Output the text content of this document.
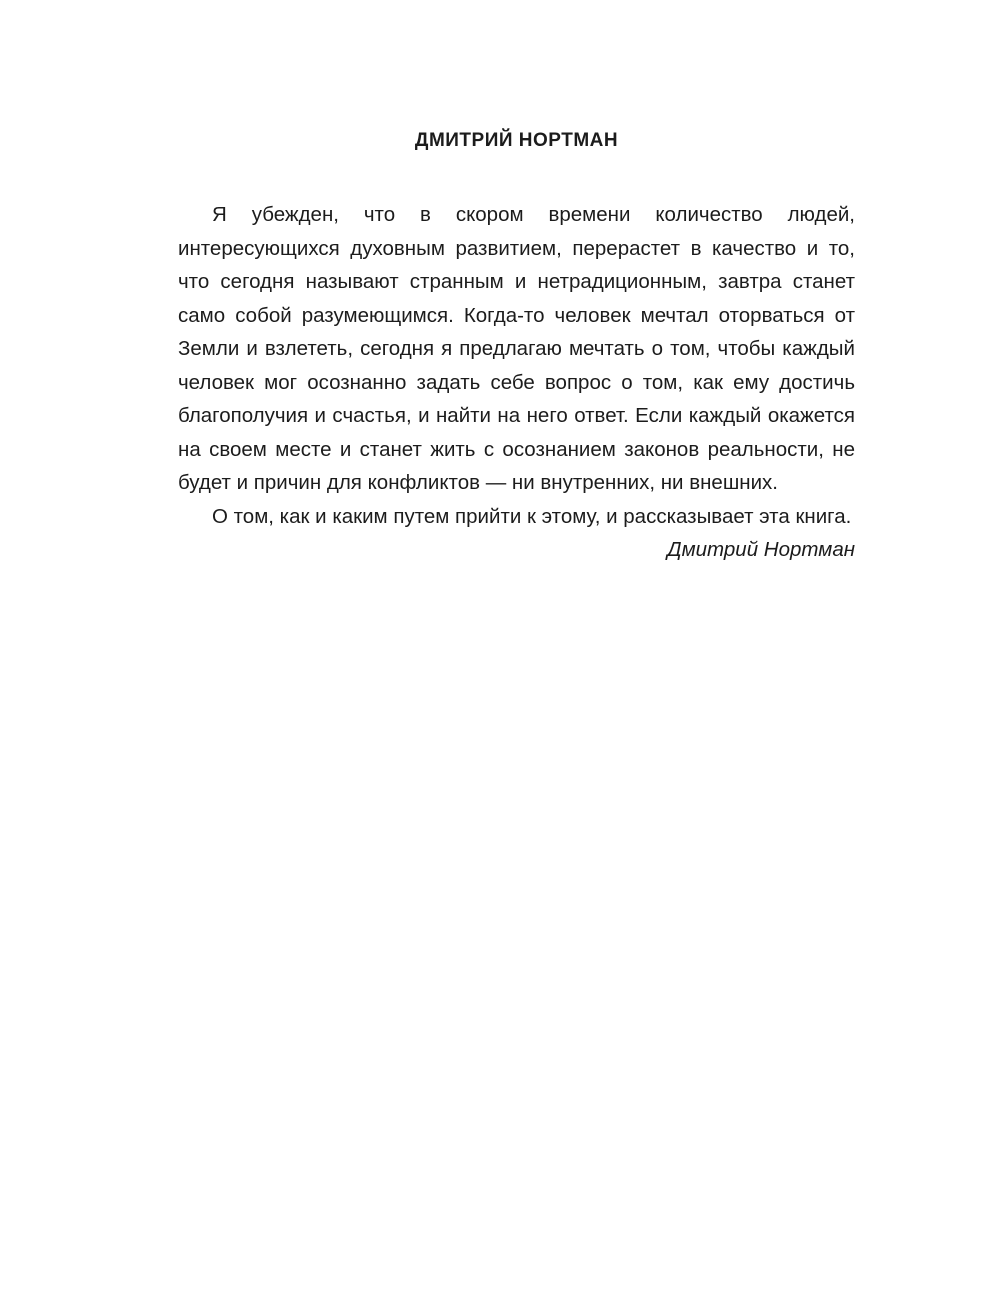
ДМИТРИЙ НОРТМАН

Я убежден, что в скором времени количество людей, интересующихся духовным развитием, перерастет в качество и то, что сегодня называют странным и нетрадиционным, завтра станет само собой разумеющимся. Когда-то человек мечтал оторваться от Земли и взлететь, сегодня я предлагаю мечтать о том, чтобы каждый человек мог осознанно задать себе вопрос о том, как ему достичь благополучия и счастья, и найти на него ответ. Если каждый окажется на своем месте и станет жить с осознанием законов реальности, не будет и причин для конфликтов — ни внутренних, ни внешних.

О том, как и каким путем прийти к этому, и рассказывает эта книга.

Дмитрий Нортман
